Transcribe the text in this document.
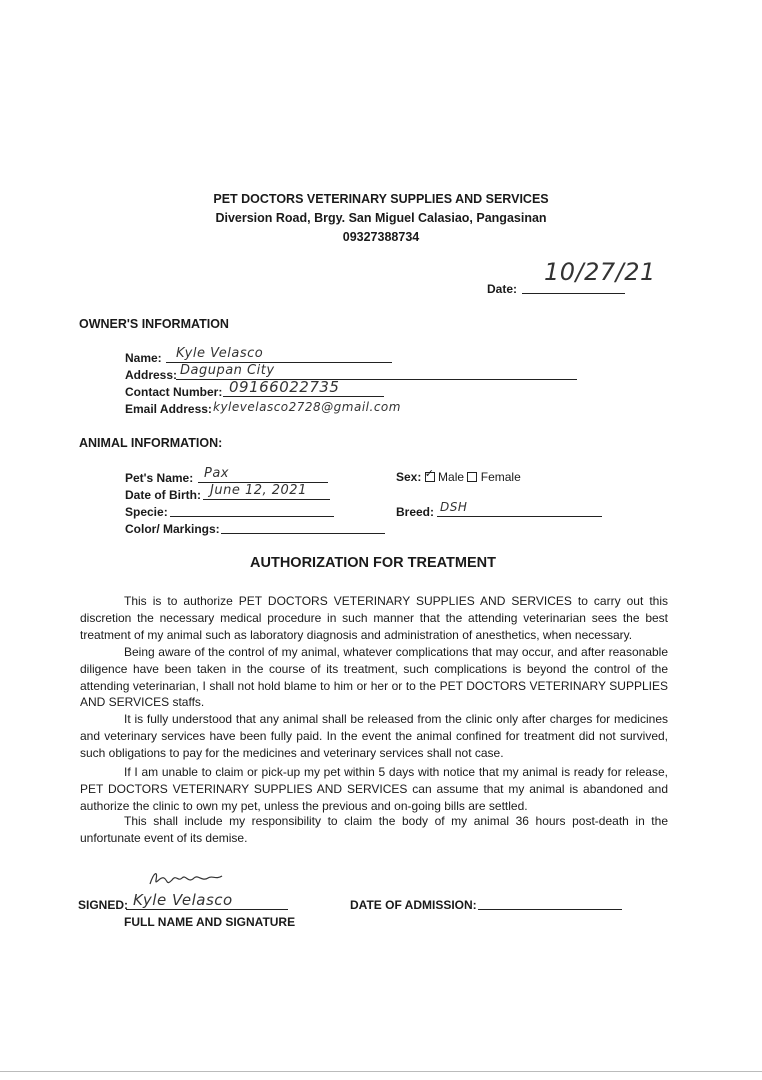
PET DOCTORS VETERINARY SUPPLIES AND SERVICES
Diversion Road, Brgy. San Miguel Calasiao, Pangasinan
09327388734
Date:
10/27/21
OWNER'S INFORMATION
Name: Kyle Velasco
Address: Dagupan City
Contact Number: 09166022735
Email Address: kylevelasco2728@gmail.com
ANIMAL INFORMATION:
Pet's Name: Pax
Date of Birth: June 12, 2021
Specie:
Color/ Markings:
Sex: ✓ Male Female
Breed: DSH
AUTHORIZATION FOR TREATMENT

This is to authorize PET DOCTORS VETERINARY SUPPLIES AND SERVICES to carry out this discretion the necessary medical procedure in such manner that the attending veterinarian sees the best treatment of my animal such as laboratory diagnosis and administration of anesthetics, when necessary.

Being aware of the control of my animal, whatever complications that may occur, and after reasonable diligence have been taken in the course of its treatment, such complications is beyond the control of the attending veterinarian, I shall not hold blame to him or her or to the PET DOCTORS VETERINARY SUPPLIES AND SERVICES staffs.

It is fully understood that any animal shall be released from the clinic only after charges for medicines and veterinary services have been fully paid. In the event the animal confined for treatment did not survived, such obligations to pay for the medicines and veterinary services shall not case.

If I am unable to claim or pick-up my pet within 5 days with notice that my animal is ready for release, PET DOCTORS VETERINARY SUPPLIES AND SERVICES can assume that my animal is abandoned and authorize the clinic to own my pet, unless the previous and on-going bills are settled.

This shall include my responsibility to claim the body of my animal 36 hours post-death in the unfortunate event of its demise.

SIGNED: Kyle Velasco
FULL NAME AND SIGNATURE
DATE OF ADMISSION:
